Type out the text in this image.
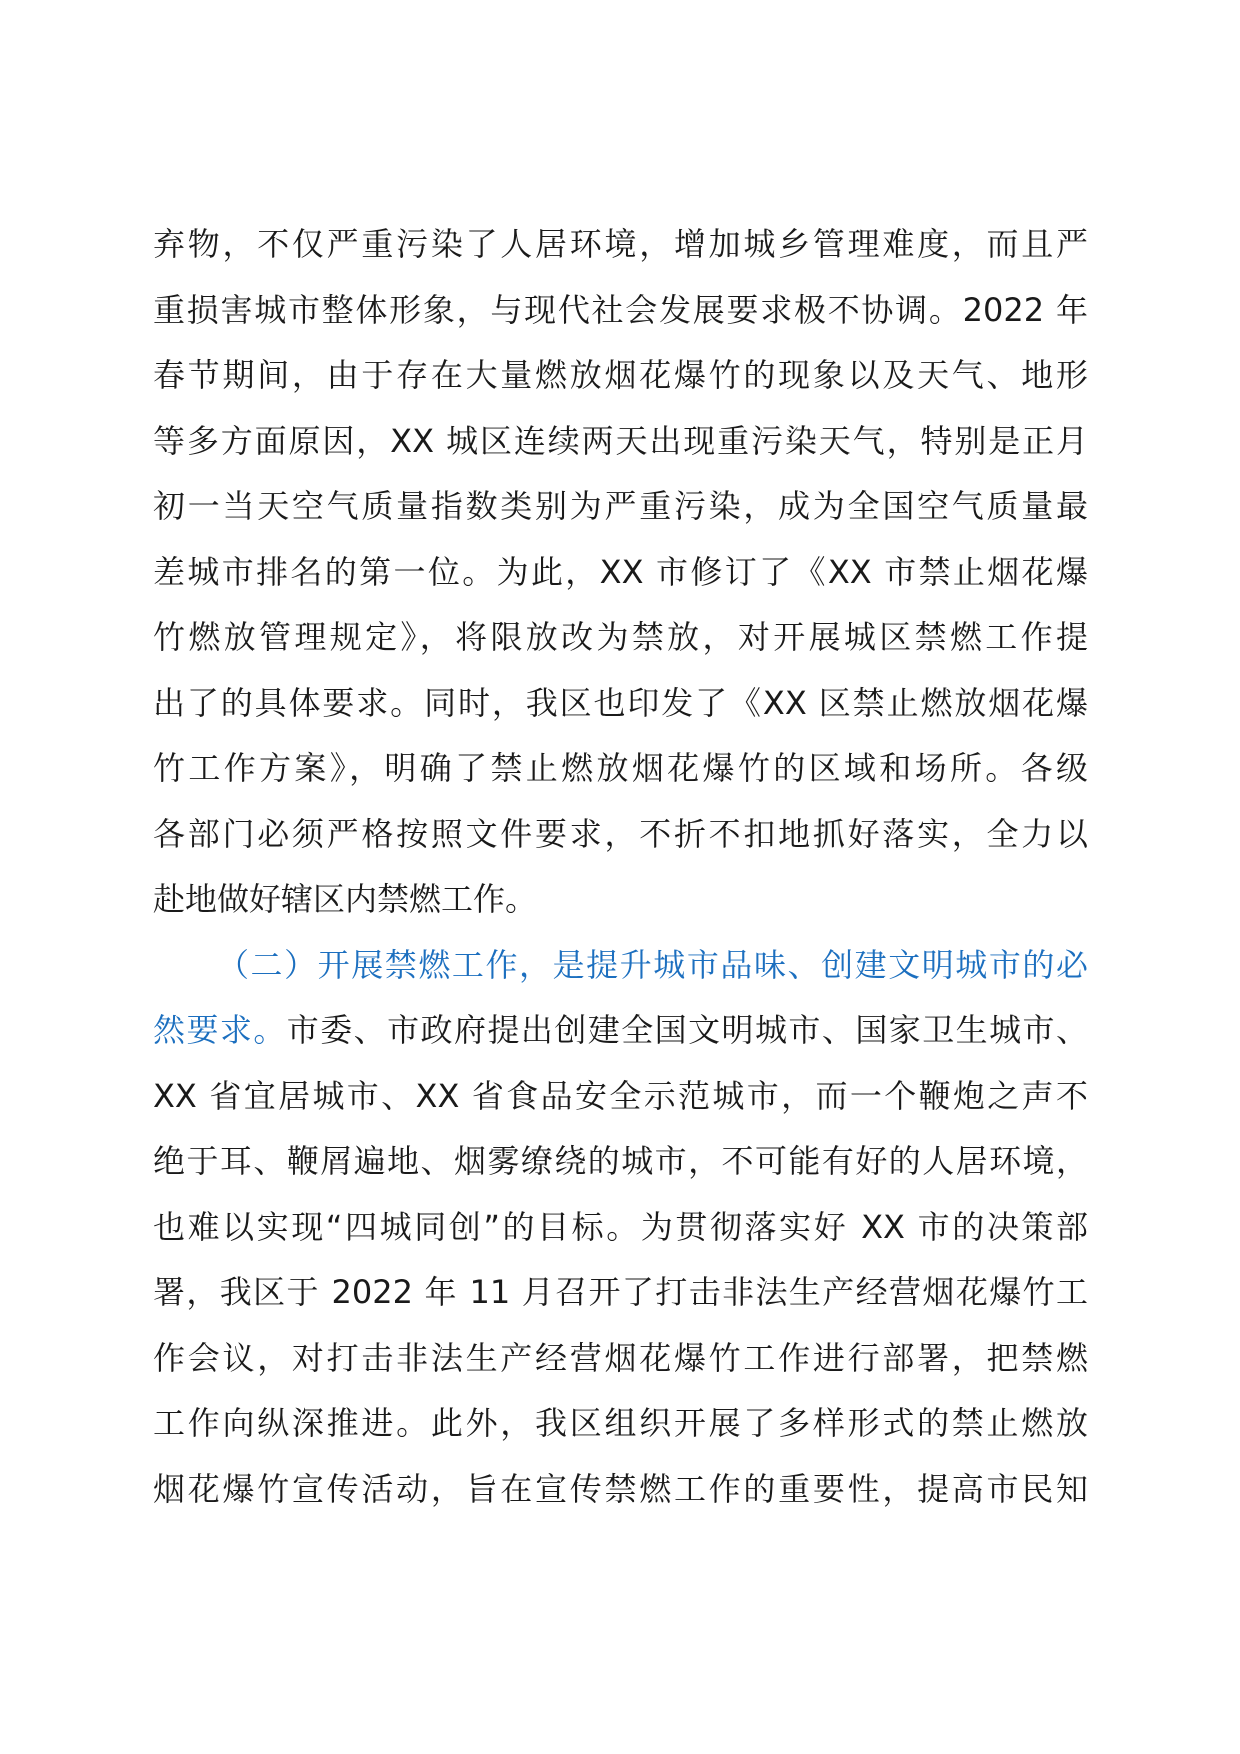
弃物，不仅严重污染了人居环境，增加城乡管理难度，而且严
重损害城市整体形象，与现代社会发展要求极不协调。2022 年
春节期间，由于存在大量燃放烟花爆竹的现象以及天气、地形
等多方面原因，XX 城区连续两天出现重污染天气，特别是正月
初一当天空气质量指数类别为严重污染，成为全国空气质量最
差城市排名的第一位。为此，XX 市修订了《XX 市禁止烟花爆
竹燃放管理规定》，将限放改为禁放，对开展城区禁燃工作提
出了的具体要求。同时，我区也印发了《XX 区禁止燃放烟花爆
竹工作方案》，明确了禁止燃放烟花爆竹的区域和场所。各级
各部门必须严格按照文件要求，不折不扣地抓好落实，全力以
赴地做好辖区内禁燃工作。
（二）开展禁燃工作，是提升城市品味、创建文明城市的必
然要求。市委、市政府提出创建全国文明城市、国家卫生城市、
XX 省宜居城市、XX 省食品安全示范城市，而一个鞭炮之声不
绝于耳、鞭屑遍地、烟雾缭绕的城市，不可能有好的人居环境，
也难以实现“四城同创”的目标。为贯彻落实好 XX 市的决策部
署，我区于 2022 年 11 月召开了打击非法生产经营烟花爆竹工
作会议，对打击非法生产经营烟花爆竹工作进行部署，把禁燃
工作向纵深推进。此外，我区组织开展了多样形式的禁止燃放
烟花爆竹宣传活动，旨在宣传禁燃工作的重要性，提高市民知
